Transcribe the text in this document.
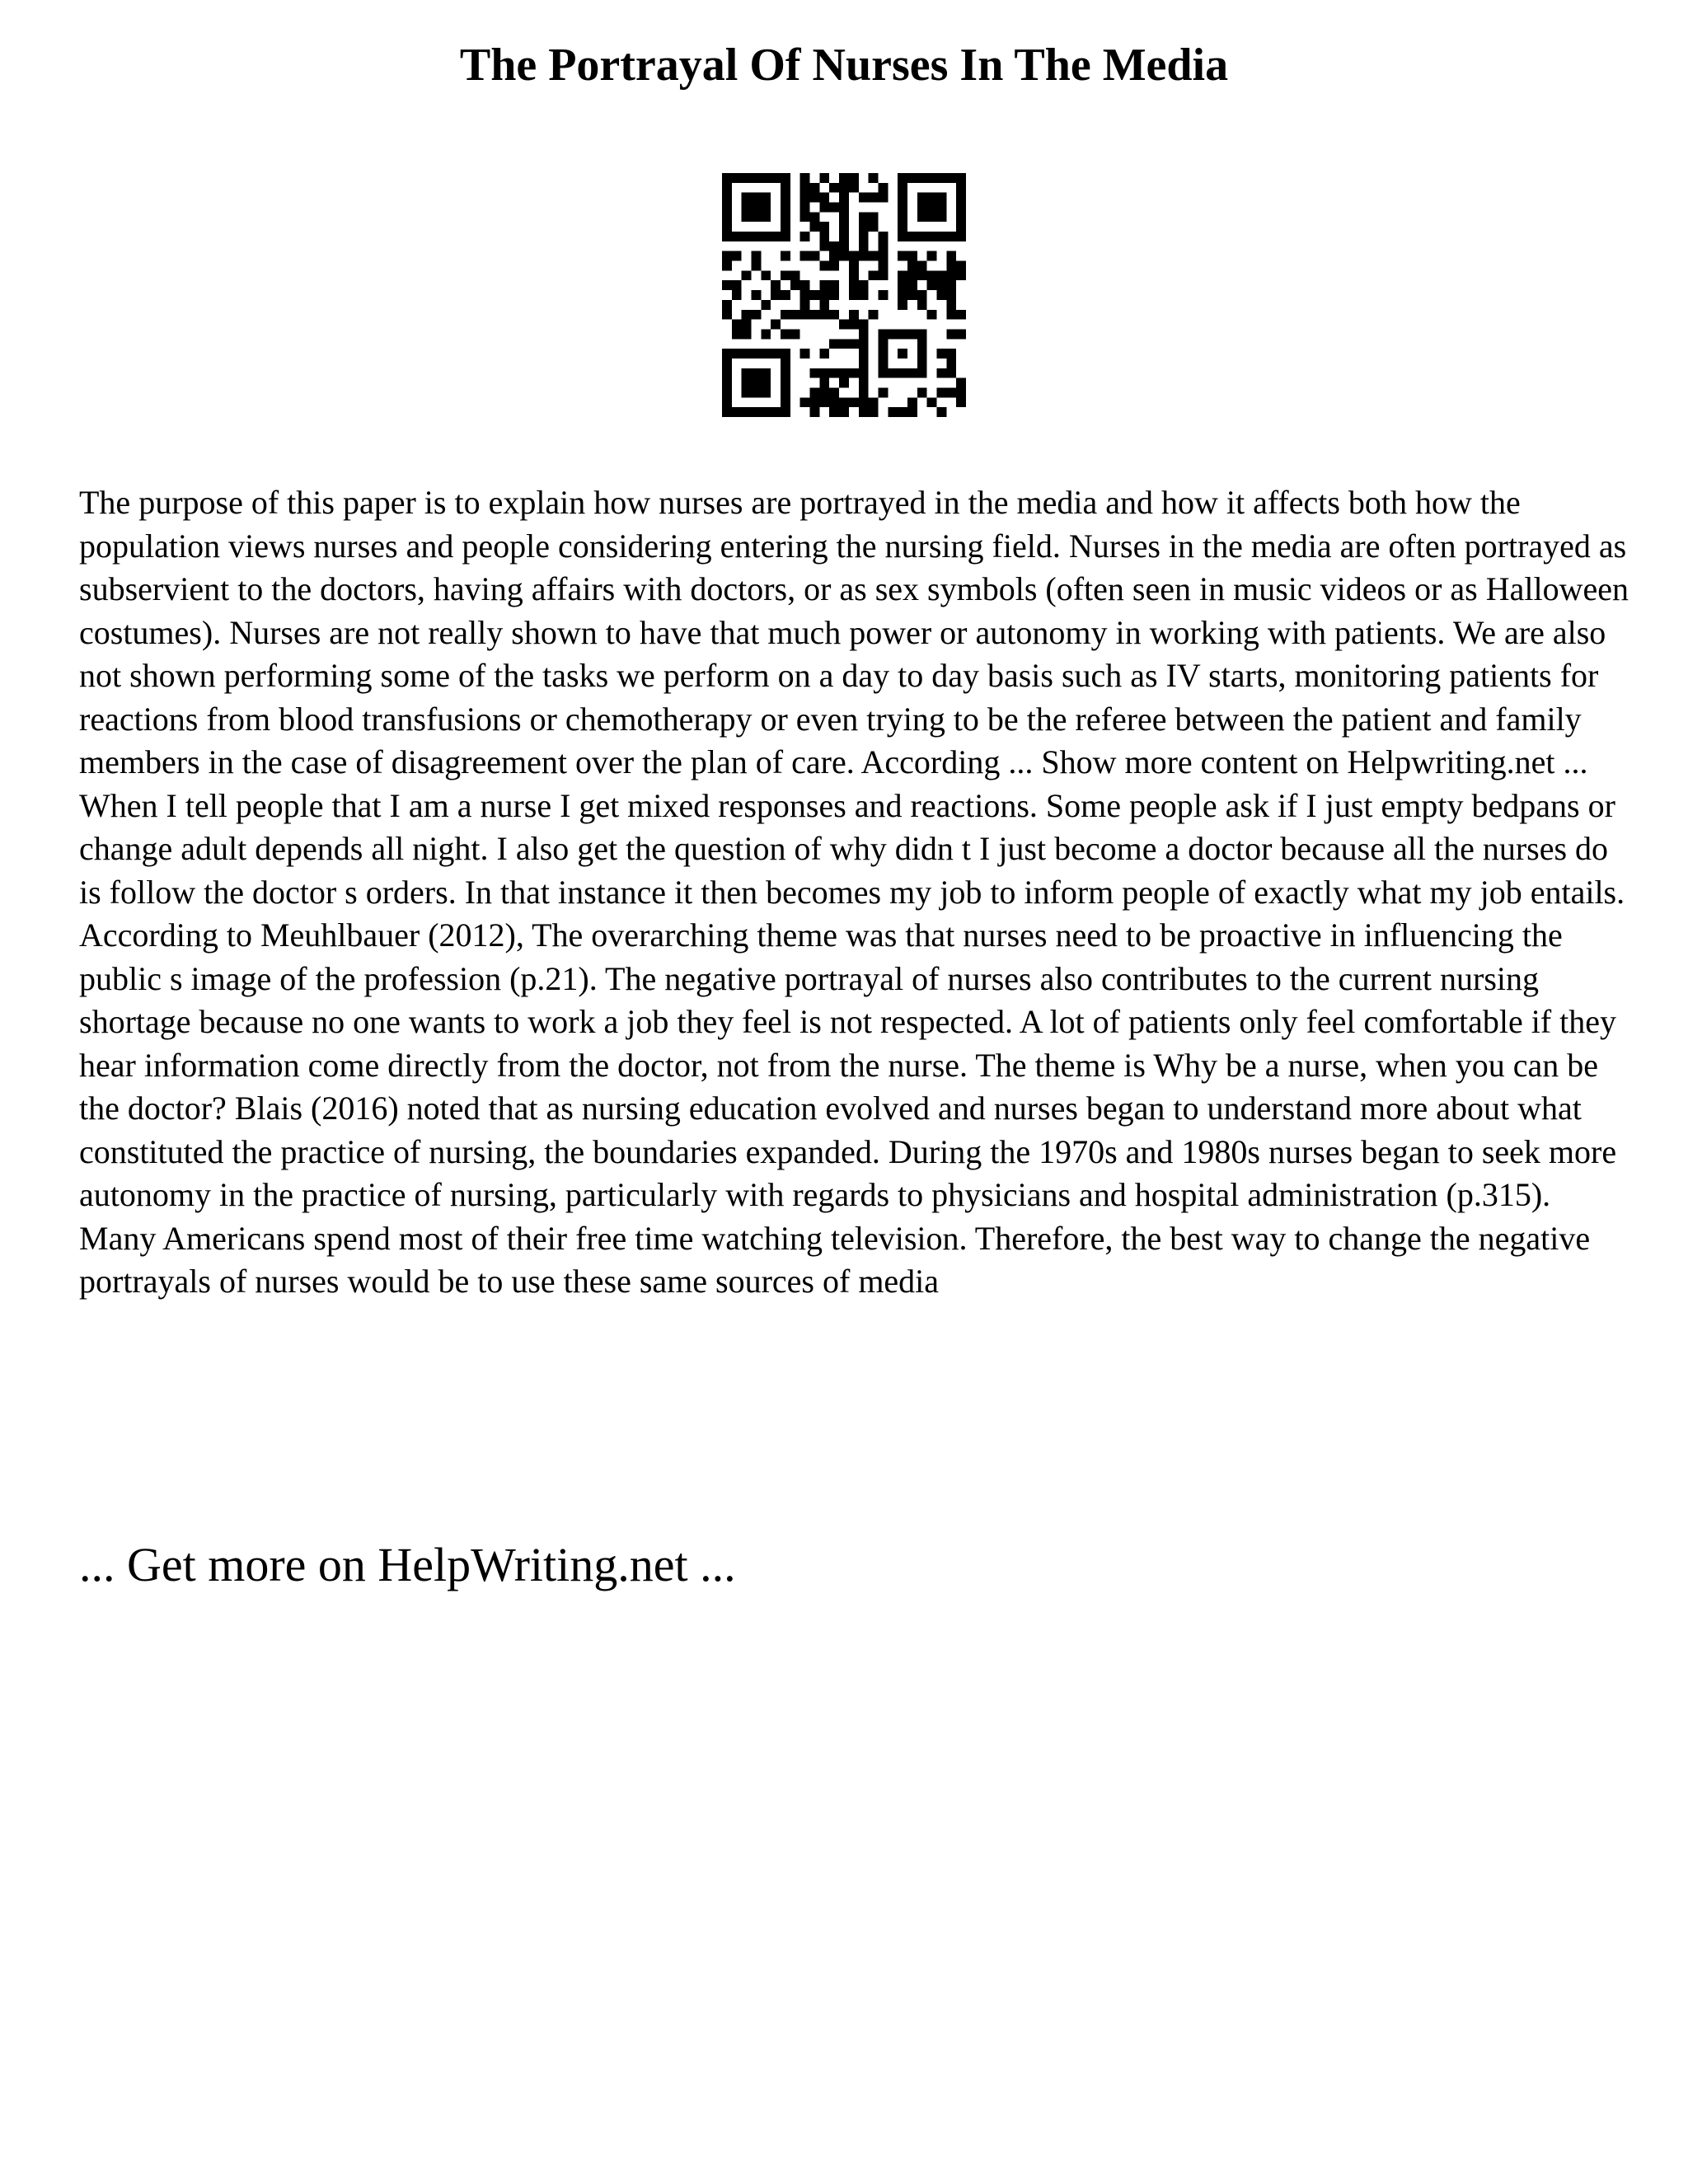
The Portrayal Of Nurses In The Media

The purpose of this paper is to explain how nurses are portrayed in the media and how it affects both how the population views nurses and people considering entering the nursing field. Nurses in the media are often portrayed as subservient to the doctors, having affairs with doctors, or as sex symbols (often seen in music videos or as Halloween costumes). Nurses are not really shown to have that much power or autonomy in working with patients. We are also not shown performing some of the tasks we perform on a day to day basis such as IV starts, monitoring patients for reactions from blood transfusions or chemotherapy or even trying to be the referee between the patient and family members in the case of disagreement over the plan of care. According ... Show more content on Helpwriting.net ...

When I tell people that I am a nurse I get mixed responses and reactions. Some people ask if I just empty bedpans or change adult depends all night. I also get the question of why didn t I just become a doctor because all the nurses do is follow the doctor s orders. In that instance it then becomes my job to inform people of exactly what my job entails. According to Meuhlbauer (2012), The overarching theme was that nurses need to be proactive in influencing the public s image of the profession (p.21). The negative portrayal of nurses also contributes to the current nursing shortage because no one wants to work a job they feel is not respected. A lot of patients only feel comfortable if they hear information come directly from the doctor, not from the nurse. The theme is Why be a nurse, when you can be the doctor? Blais (2016) noted that as nursing education evolved and nurses began to understand more about what constituted the practice of nursing, the boundaries expanded. During the 1970s and 1980s nurses began to seek more autonomy in the practice of nursing, particularly with regards to physicians and hospital administration (p.315). Many Americans spend most of their free time watching television. Therefore, the best way to change the negative portrayals of nurses would be to use these same sources of media

... Get more on HelpWriting.net ...
